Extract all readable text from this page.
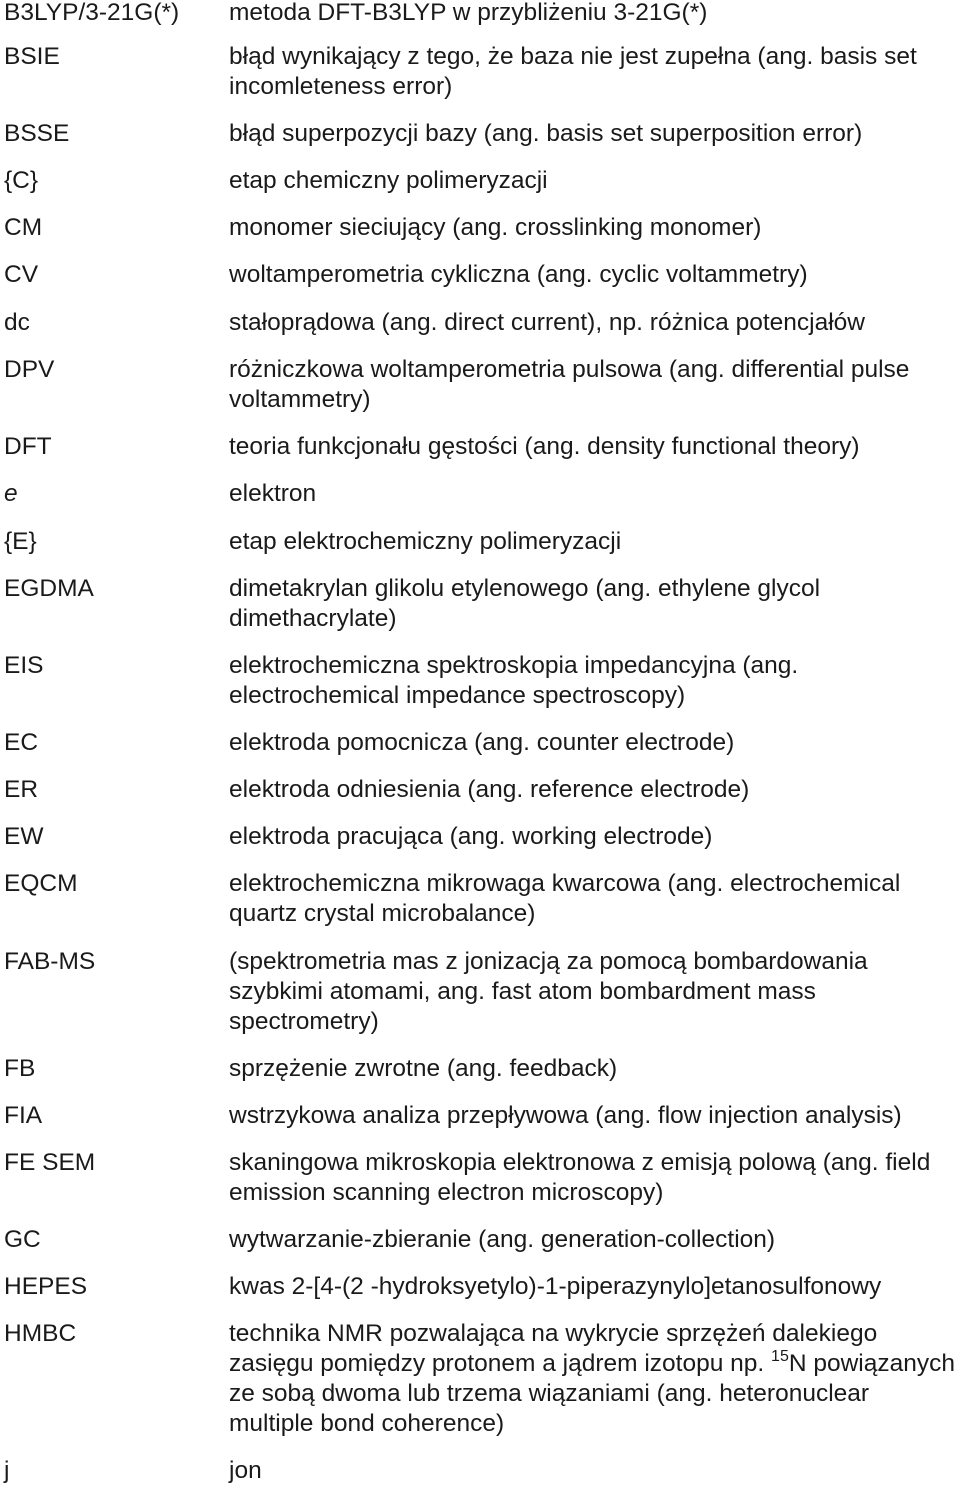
B3LYP/3-21G(*) metoda DFT-B3LYP w przybliżeniu 3-21G(*)
BSIE	błąd wynikający z tego, że baza nie jest zupełna (ang. basis set incomleteness error)
BSSE	błąd superpozycji bazy (ang. basis set superposition error)
{C}	etap chemiczny polimeryzacji
CM	monomer sieciujący (ang. crosslinking monomer)
CV	woltamperometria cykliczna (ang. cyclic voltammetry)
dc	stałoprądowa (ang. direct current), np. różnica potencjałów
DPV	różniczkowa woltamperometria pulsowa (ang. differential pulse voltammetry)
DFT	teoria funkcjonału gęstości (ang. density functional theory)
e	elektron
{E}	etap elektrochemiczny polimeryzacji
EGDMA	dimetakrylan glikolu etylenowego (ang. ethylene glycol dimethacrylate)
EIS	elektrochemiczna spektroskopia impedancyjna (ang. electrochemical impedance spectroscopy)
EC	elektroda pomocnicza (ang. counter electrode)
ER	elektroda odniesienia (ang. reference electrode)
EW	elektroda pracująca (ang. working electrode)
EQCM	elektrochemiczna mikrowaga kwarcowa (ang. electrochemical quartz crystal microbalance)
FAB-MS	(spektrometria mas z jonizacją za pomocą bombardowania szybkimi atomami, ang. fast atom bombardment mass spectrometry)
FB	sprzężenie zwrotne (ang. feedback)
FIA	wstrzykowa analiza przepływowa (ang. flow injection analysis)
FE SEM	skaningowa mikroskopia elektronowa z emisją polową (ang. field emission scanning electron microscopy)
GC	wytwarzanie-zbieranie (ang. generation-collection)
HEPES	kwas 2-[4-(2 -hydroksyetylo)-1-piperazynylo]etanosulfonowy
HMBC	technika NMR pozwalająca na wykrycie sprzężeń dalekiego zasięgu pomiędzy protonem a jądrem izotopu np. $^{15}$N powiązanych ze sobą dwoma lub trzema wiązaniami (ang. heteronuclear multiple bond coherence)
j	jon
